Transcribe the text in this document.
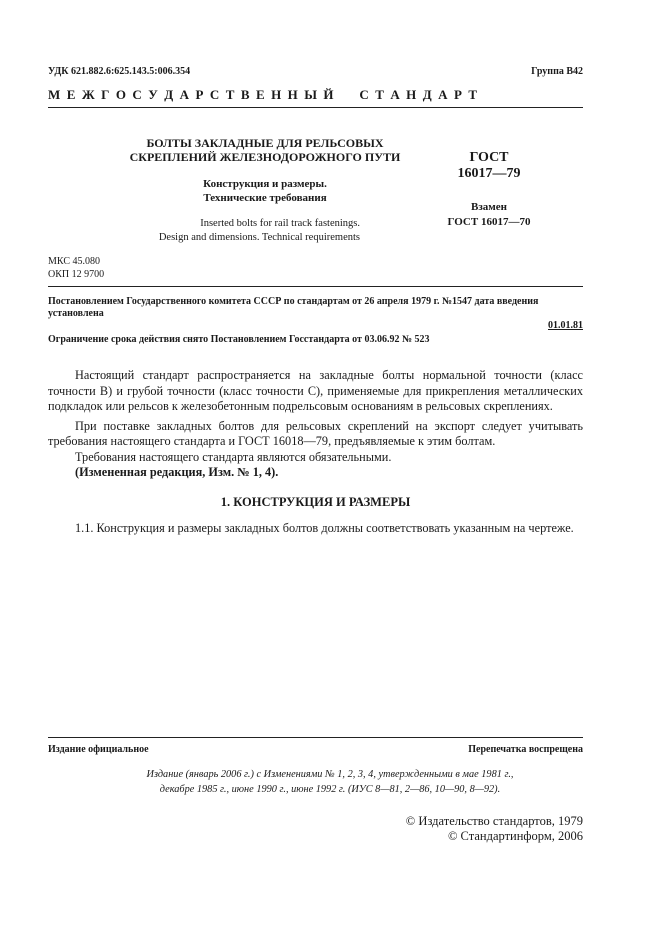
УДК 621.882.6:625.143.5:006.354	Группа В42
М Е Ж Г О С У Д А Р С Т В Е Н Н Ы Й     С Т А Н Д А Р Т
БОЛТЫ ЗАКЛАДНЫЕ ДЛЯ РЕЛЬСОВЫХ
СКРЕПЛЕНИЙ ЖЕЛЕЗНОДОРОЖНОГО ПУТИ
Конструкция и размеры.
Технические требования
Inserted bolts for rail track fastenings.
Design and dimensions. Technical requirements
ГОСТ
16017—79
Взамен
ГОСТ 16017—70
МКС 45.080
ОКП 12 9700
Постановлением Государственного комитета СССР по стандартам от 26 апреля 1979 г. №1547 дата введения установлена
01.01.81
Ограничение срока действия снято Постановлением Госстандарта от 03.06.92 № 523

Настоящий стандарт распространяется на закладные болты нормальной точности (класс точности В) и грубой точности (класс точности С), применяемые для прикрепления металлических подкладок или рельсов к железобетонным подрельсовым основаниям в рельсовых скреплениях.

При поставке закладных болтов для рельсовых скреплений на экспорт следует учитывать требования настоящего стандарта и ГОСТ 16018—79, предъявляемые к этим болтам.

Требования настоящего стандарта являются обязательными.

(Измененная редакция, Изм. № 1, 4).

1. КОНСТРУКЦИЯ И РАЗМЕРЫ

1.1. Конструкция и размеры закладных болтов должны соответствовать указанным на чертеже.

Издание официальное	Перепечатка воспрещена
Издание (январь 2006 г.) с Изменениями № 1, 2, 3, 4, утвержденными в мае 1981 г.,
декабре 1985 г., июне 1990 г., июне 1992 г. (ИУС 8—81, 2—86, 10—90, 8—92).
© Издательство стандартов, 1979
© Стандартинформ, 2006
